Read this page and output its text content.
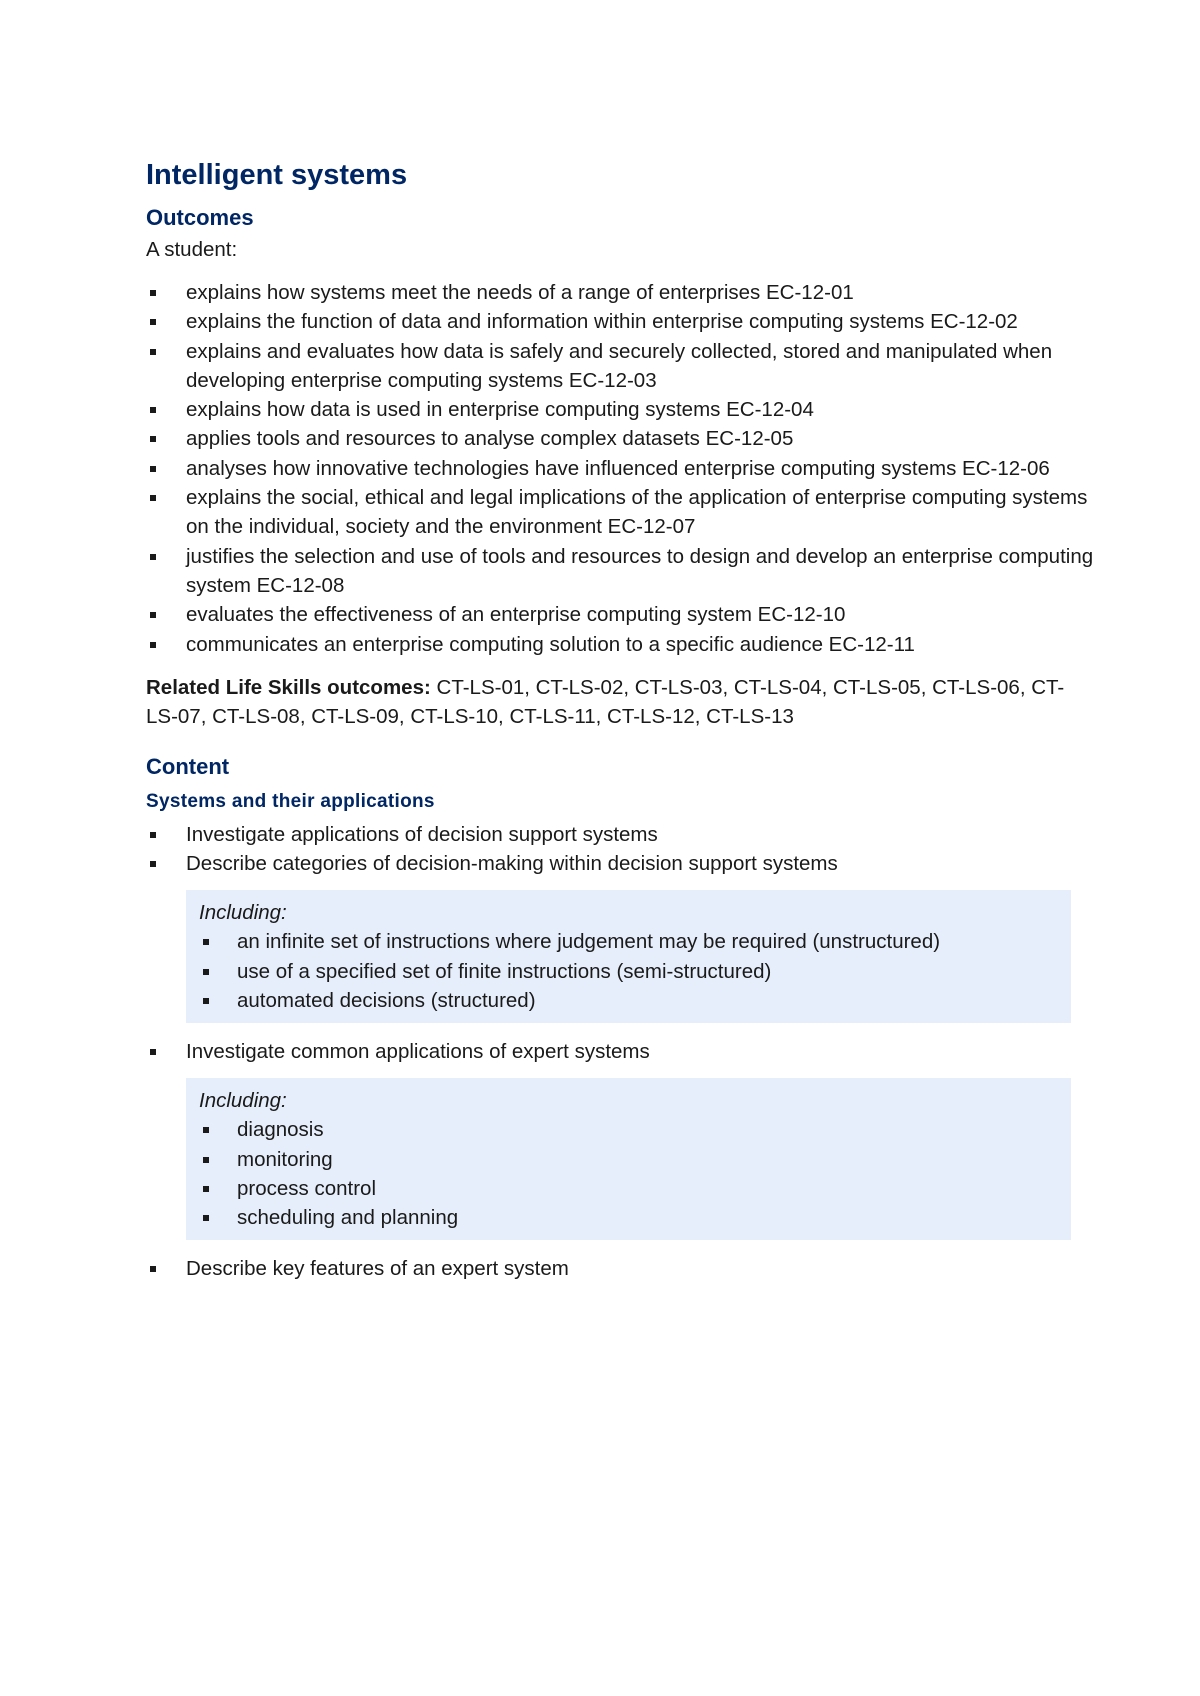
Intelligent systems
Outcomes

A student:

explains how systems meet the needs of a range of enterprises EC-12-01
explains the function of data and information within enterprise computing systems EC-12-02
explains and evaluates how data is safely and securely collected, stored and manipulated when developing enterprise computing systems EC-12-03
explains how data is used in enterprise computing systems EC-12-04
applies tools and resources to analyse complex datasets EC-12-05
analyses how innovative technologies have influenced enterprise computing systems EC-12-06
explains the social, ethical and legal implications of the application of enterprise computing systems on the individual, society and the environment EC-12-07
justifies the selection and use of tools and resources to design and develop an enterprise computing system EC-12-08
evaluates the effectiveness of an enterprise computing system EC-12-10
communicates an enterprise computing solution to a specific audience EC-12-11

Related Life Skills outcomes: CT-LS-01, CT-LS-02, CT-LS-03, CT-LS-04, CT-LS-05, CT-LS-06, CT-LS-07, CT-LS-08, CT-LS-09, CT-LS-10, CT-LS-11, CT-LS-12, CT-LS-13

Content
Systems and their applications
Investigate applications of decision support systems
Describe categories of decision-making within decision support systems
Including:
an infinite set of instructions where judgement may be required (unstructured)
use of a specified set of finite instructions (semi-structured)
automated decisions (structured)
Investigate common applications of expert systems
Including:
diagnosis
monitoring
process control
scheduling and planning
Describe key features of an expert system
